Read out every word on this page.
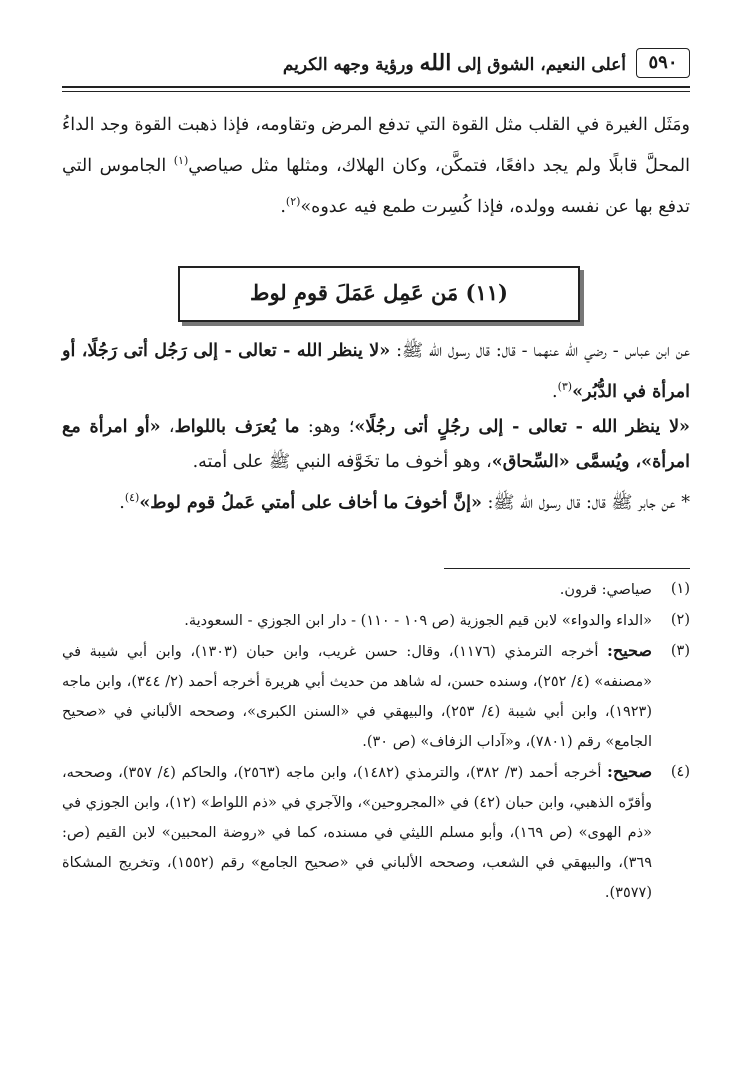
٥٩٠
أعلى النعيم، الشوق إلى الله ورؤية وجهه الكريم
ومَثَل الغيرة في القلب مثل القوة التي تدفع المرض وتقاومه، فإذا ذهبت القوة وجد الداءُ المحلَّ قابلًا ولم يجد دافعًا، فتمكَّن، وكان الهلاك، ومثلها مثل صياصي$^{(١)}$ الجاموس التي تدفع بها عن نفسه وولده، فإذا كُسِرت طمع فيه عدوه»$^{(٢)}$.
(١١) مَن عَمِل عَمَلَ قومِ لوط
عن ابن عباس - رضي الله عنهما - قال: قال رسول الله ﷺ: «لا ينظر الله - تعالى - إلى رَجُل أتى رَجُلًا، أو امرأة في الدُّبُر»$^{(٣)}$.
«لا ينظر الله - تعالى - إلى رجُلٍ أتى رجُلًا»؛ وهو: ما يُعرَف باللواط، «أو امرأة مع امرأة»، ويُسمَّى «السِّحاق»، وهو أخوف ما تخَوَّفه النبي ﷺ على أمته.
* عن جابر ﷺ قال: قال رسول الله ﷺ: «إنَّ أخوفَ ما أخاف على أمتي عَملُ قوم لوط»$^{(٤)}$.
(١)
صياصي: قرون.
(٢)
«الداء والدواء» لابن قيم الجوزية (ص ١٠٩ - ١١٠) - دار ابن الجوزي - السعودية.
(٣)
صحيح: أخرجه الترمذي (١١٧٦)، وقال: حسن غريب، وابن حبان (١٣٠٣)، وابن أبي شيبة في «مصنفه» (٤/ ٢٥٢)، وسنده حسن، له شاهد من حديث أبي هريرة أخرجه أحمد (٢/ ٣٤٤)، وابن ماجه (١٩٢٣)، وابن أبي شيبة (٤/ ٢٥٣)، والبيهقي في «السنن الكبرى»، وصححه الألباني في «صحيح الجامع» رقم (٧٨٠١)، و«آداب الزفاف» (ص ٣٠).
(٤)
صحيح: أخرجه أحمد (٣/ ٣٨٢)، والترمذي (١٤٨٢)، وابن ماجه (٢٥٦٣)، والحاكم (٤/ ٣٥٧)، وصححه، وأقرّه الذهبي، وابن حبان (٤٢) في «المجروحين»، والآجري في «ذم اللواط» (١٢)، وابن الجوزي في «ذم الهوى» (ص ١٦٩)، وأبو مسلم الليثي في مسنده، كما في «روضة المحبين» لابن القيم (ص: ٣٦٩)، والبيهقي في الشعب، وصححه الألباني في «صحيح الجامع» رقم (١٥٥٢)، وتخريج المشكاة (٣٥٧٧).
